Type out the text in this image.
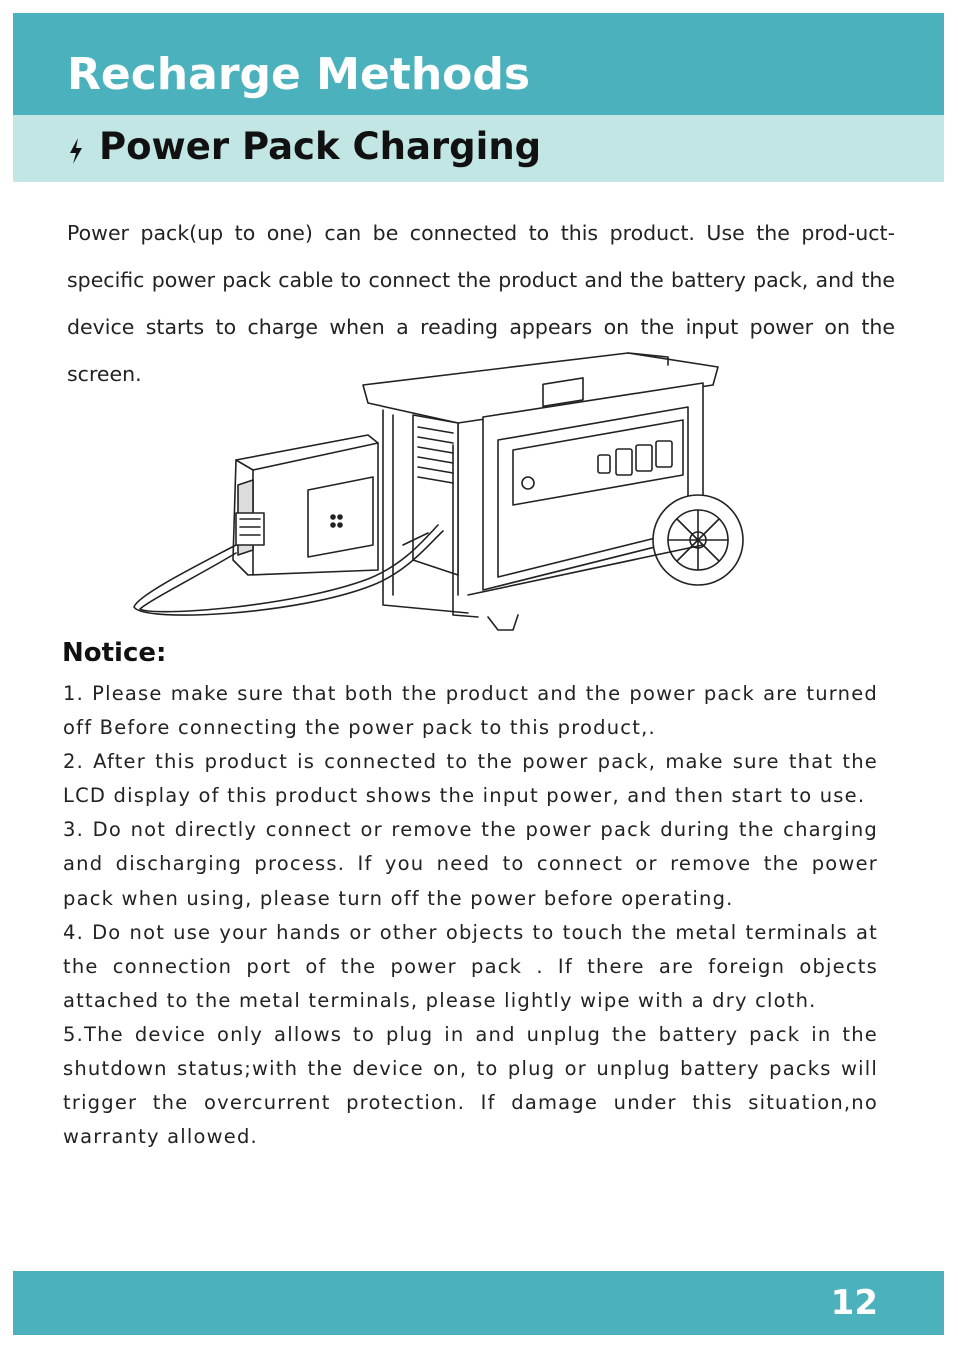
Recharge Methods
Power Pack Charging

Power pack(up to one) can be connected to this product. Use the prod-uct-specific power pack cable to connect the product and the battery pack, and the device starts to charge when a reading appears on the input power on the screen.

Notice:
1. Please make sure that both the product and the power pack are turned off Before connecting the power pack to this product,.
2. After this product is connected to the power pack, make sure that the LCD display of this product shows the input power, and then start to use.
3. Do not directly connect or remove the power pack during the charging and discharging process. If you need to connect or remove the power pack when using, please turn off the power before operating.
4. Do not use your hands or other objects to touch the metal terminals at the connection port of the power pack . If there are foreign objects attached to the metal terminals, please lightly wipe with a dry cloth.
5.The device only allows to plug in and unplug the battery pack in the shutdown status;with the device on, to plug or unplug battery packs will trigger the overcurrent protection. If damage under this situation,no warranty allowed.
12
